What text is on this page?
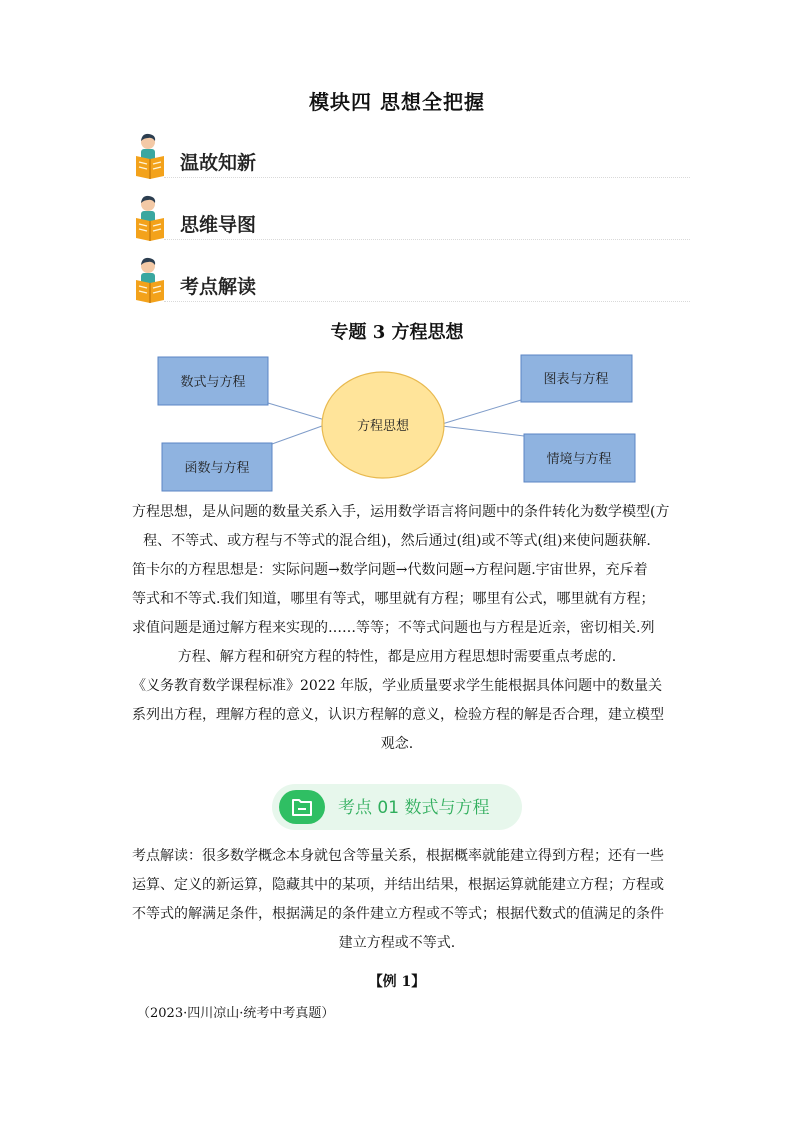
模块四 思想全把握
温故知新
思维导图
考点解读
专题 3 方程思想
数式与方程
函数与方程
方程思想
图表与方程
情境与方程
方程思想，是从问题的数量关系入手，运用数学语言将问题中的条件转化为数学模型(方
程、不等式、或方程与不等式的混合组)，然后通过(组)或不等式(组)来使问题获解.
笛卡尔的方程思想是：实际问题→数学问题→代数问题→方程问题.宇宙世界，充斥着
等式和不等式.我们知道，哪里有等式，哪里就有方程；哪里有公式，哪里就有方程；
求值问题是通过解方程来实现的……等等；不等式问题也与方程是近亲，密切相关.列
方程、解方程和研究方程的特性，都是应用方程思想时需要重点考虑的.
《义务教育数学课程标准》2022 年版，学业质量要求学生能根据具体问题中的数量关
系列出方程，理解方程的意义，认识方程解的意义，检验方程的解是否合理，建立模型
观念.
考点 01 数式与方程
考点解读：很多数学概念本身就包含等量关系，根据概率就能建立得到方程；还有一些
运算、定义的新运算，隐藏其中的某项，并结出结果，根据运算就能建立方程；方程或
不等式的解满足条件，根据满足的条件建立方程或不等式；根据代数式的值满足的条件
建立方程或不等式.
【例 1】
（2023·四川凉山·统考中考真题）
